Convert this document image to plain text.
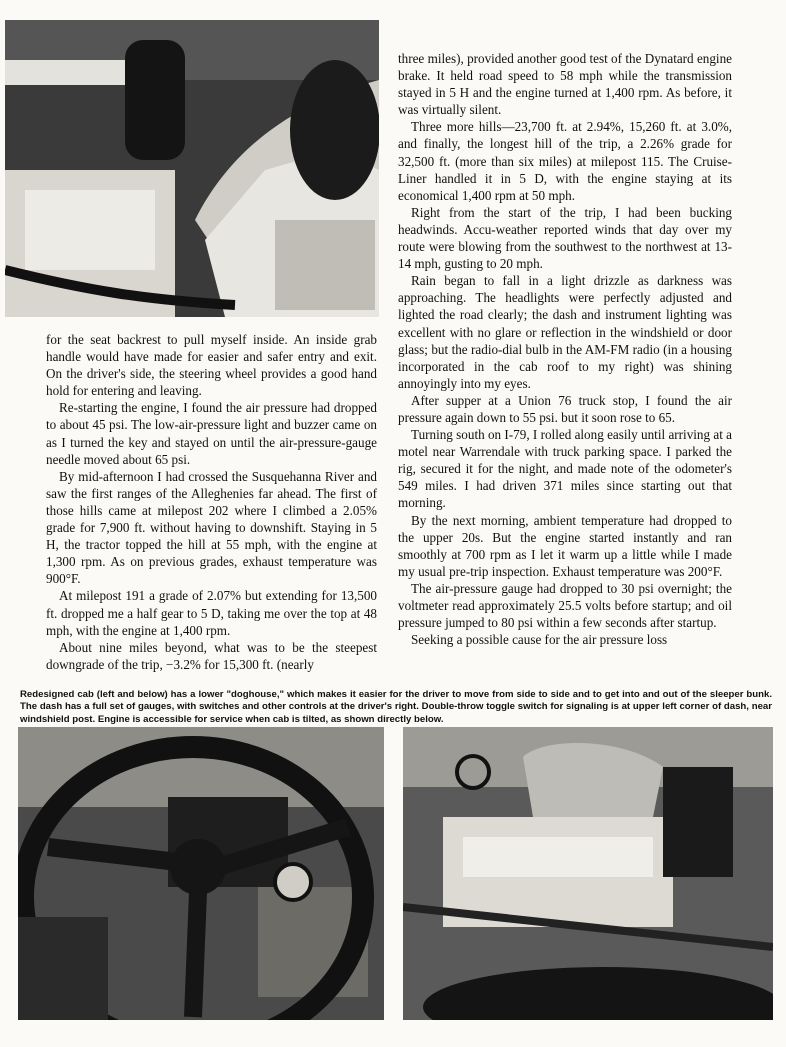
for the seat backrest to pull myself inside. An inside grab handle would have made for easier and safer entry and exit. On the driver's side, the steering wheel provides a good hand hold for entering and leaving.

Re-starting the engine, I found the air pressure had dropped to about 45 psi. The low-air-pressure light and buzzer came on as I turned the key and stayed on until the air-pressure-gauge needle moved about 65 psi.

By mid-afternoon I had crossed the Susquehanna River and saw the first ranges of the Alleghenies far ahead. The first of those hills came at milepost 202 where I climbed a 2.05% grade for 7,900 ft. without having to downshift. Staying in 5 H, the tractor topped the hill at 55 mph, with the engine at 1,300 rpm. As on previous grades, exhaust temperature was 900°F.

At milepost 191 a grade of 2.07% but extending for 13,500 ft. dropped me a half gear to 5 D, taking me over the top at 48 mph, with the engine at 1,400 rpm.

About nine miles beyond, what was to be the steepest downgrade of the trip, −3.2% for 15,300 ft. (nearly

three miles), provided another good test of the Dynatard engine brake. It held road speed to 58 mph while the transmission stayed in 5 H and the engine turned at 1,400 rpm. As before, it was virtually silent.

Three more hills—23,700 ft. at 2.94%, 15,260 ft. at 3.0%, and finally, the longest hill of the trip, a 2.26% grade for 32,500 ft. (more than six miles) at milepost 115. The Cruise-Liner handled it in 5 D, with the engine staying at its economical 1,400 rpm at 50 mph.

Right from the start of the trip, I had been bucking headwinds. Accu-weather reported winds that day over my route were blowing from the southwest to the northwest at 13-14 mph, gusting to 20 mph.

Rain began to fall in a light drizzle as darkness was approaching. The headlights were perfectly adjusted and lighted the road clearly; the dash and instrument lighting was excellent with no glare or reflection in the windshield or door glass; but the radio-dial bulb in the AM-FM radio (in a housing incorporated in the cab roof to my right) was shining annoyingly into my eyes.

After supper at a Union 76 truck stop, I found the air pressure again down to 55 psi. but it soon rose to 65.

Turning south on I-79, I rolled along easily until arriving at a motel near Warrendale with truck parking space. I parked the rig, secured it for the night, and made note of the odometer's 549 miles. I had driven 371 miles since starting out that morning.

By the next morning, ambient temperature had dropped to the upper 20s. But the engine started instantly and ran smoothly at 700 rpm as I let it warm up a little while I made my usual pre-trip inspection. Exhaust temperature was 200°F.

The air-pressure gauge had dropped to 30 psi overnight; the voltmeter read approximately 25.5 volts before startup; and oil pressure jumped to 80 psi within a few seconds after startup.

Seeking a possible cause for the air pressure loss

Redesigned cab (left and below) has a lower "doghouse," which makes it easier for the driver to move from side to side and to get into and out of the sleeper bunk. The dash has a full set of gauges, with switches and other controls at the driver's right. Double-throw toggle switch for signaling is at upper left corner of dash, near windshield post. Engine is accessible for service when cab is tilted, as shown directly below.
